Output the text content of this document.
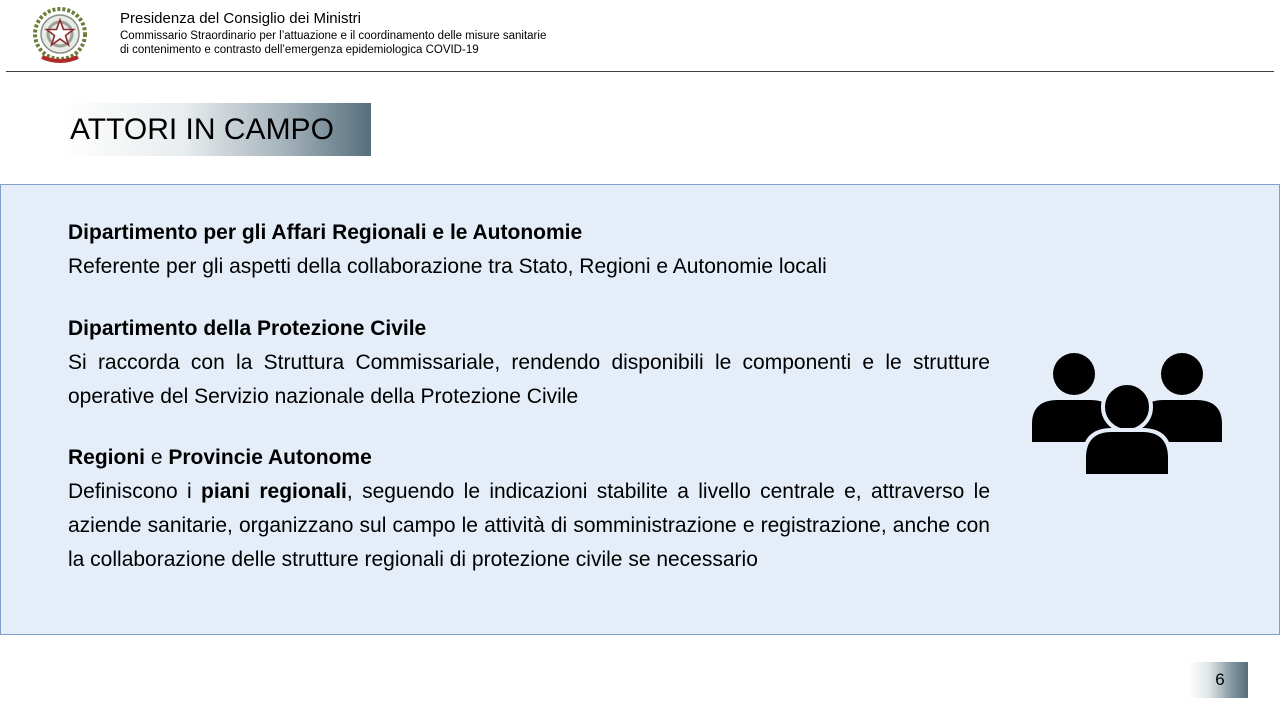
Presidenza del Consiglio dei Ministri
Commissario Straordinario per l’attuazione e il coordinamento delle misure sanitarie
di contenimento e contrasto dell’emergenza epidemiologica COVID-19
ATTORI IN CAMPO
Dipartimento per gli Affari Regionali e le Autonomie
Referente per gli aspetti della collaborazione tra Stato, Regioni e Autonomie locali
Dipartimento della Protezione Civile
Si raccorda con la Struttura Commissariale, rendendo disponibili le componenti e le strutture operative del Servizio nazionale della Protezione Civile
Regioni e Provincie Autonome
Definiscono i piani regionali, seguendo le indicazioni stabilite a livello centrale e, attraverso le aziende sanitarie, organizzano sul campo le attività di somministrazione e registrazione, anche con la collaborazione delle strutture regionali di protezione civile se necessario
6
